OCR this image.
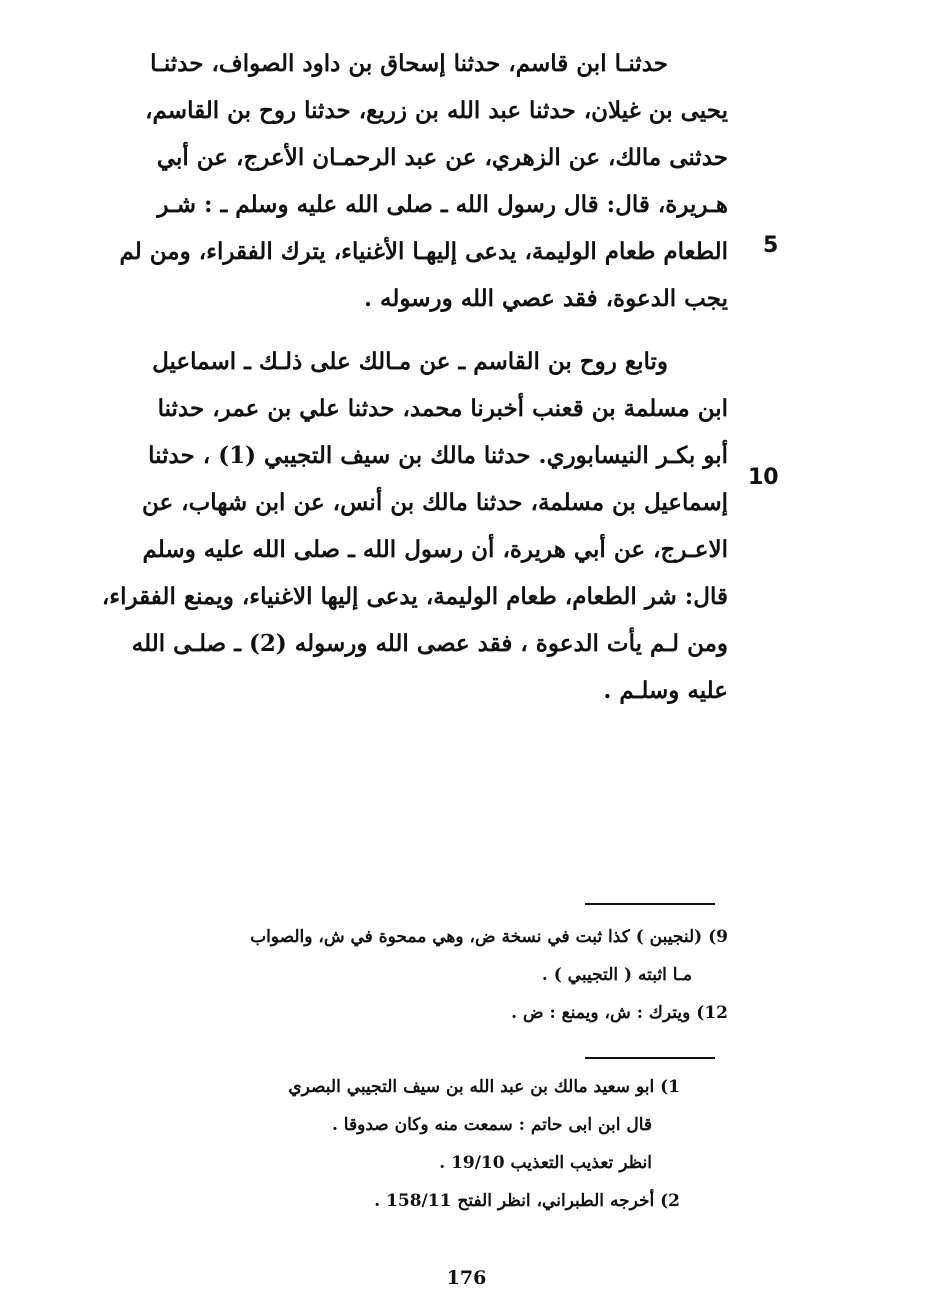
حدثنـا ابن قاسم، حدثنا إسحاق بن داود الصواف، حدثنـا
يحيى بن غيلان، حدثنا عبد الله بن زريع، حدثنا روح بن القاسم،
حدثنى مالك، عن الزهري، عن عبد الرحمـان الأعرج، عن أبي
هـريرة، قال: قال رسول الله ـ صلى الله عليه وسلم ـ : شـر
الطعام طعام الوليمة، يدعى إليهـا الأغنياء، يترك الفقراء، ومن لم
يجب الدعوة، فقد عصي الله ورسوله .
وتابع روح بن القاسم ـ عن مـالك على ذلـك ـ اسماعيل
ابن مسلمة بن قعنب أخبرنا محمد، حدثنا علي بن عمر، حدثنا
أبو بكـر النيسابوري. حدثنا مالك بن سيف التجيبي (1) ، حدثنا
إسماعيل بن مسلمة، حدثنا مالك بن أنس، عن ابن شهاب، عن
الاعـرج، عن أبي هريرة، أن رسول الله ـ صلى الله عليه وسلم
قال: شر الطعام، طعام الوليمة، يدعى إليها الاغنياء، ويمنع الفقراء،
ومن لـم يأت الدعوة ، فقد عصى الله ورسوله (2) ـ صلـى الله
عليه وسلـم .
5
10
9) (لنجيبن ) كذا ثبت في نسخة ض، وهي ممحوة في ش، والصواب
مـا اثبته ( التجيبي ) .
12) ويترك : ش، ويمنع : ض .
1) ابو سعيد مالك بن عبد الله بن سيف التجيبي البصري
قال ابن ابى حاتم : سمعت منه وكان صدوقا .
انظر تعذيب التعذيب 19/10 .
2) أخرجه الطبراني، انظر الفتح 158/11 .
176
